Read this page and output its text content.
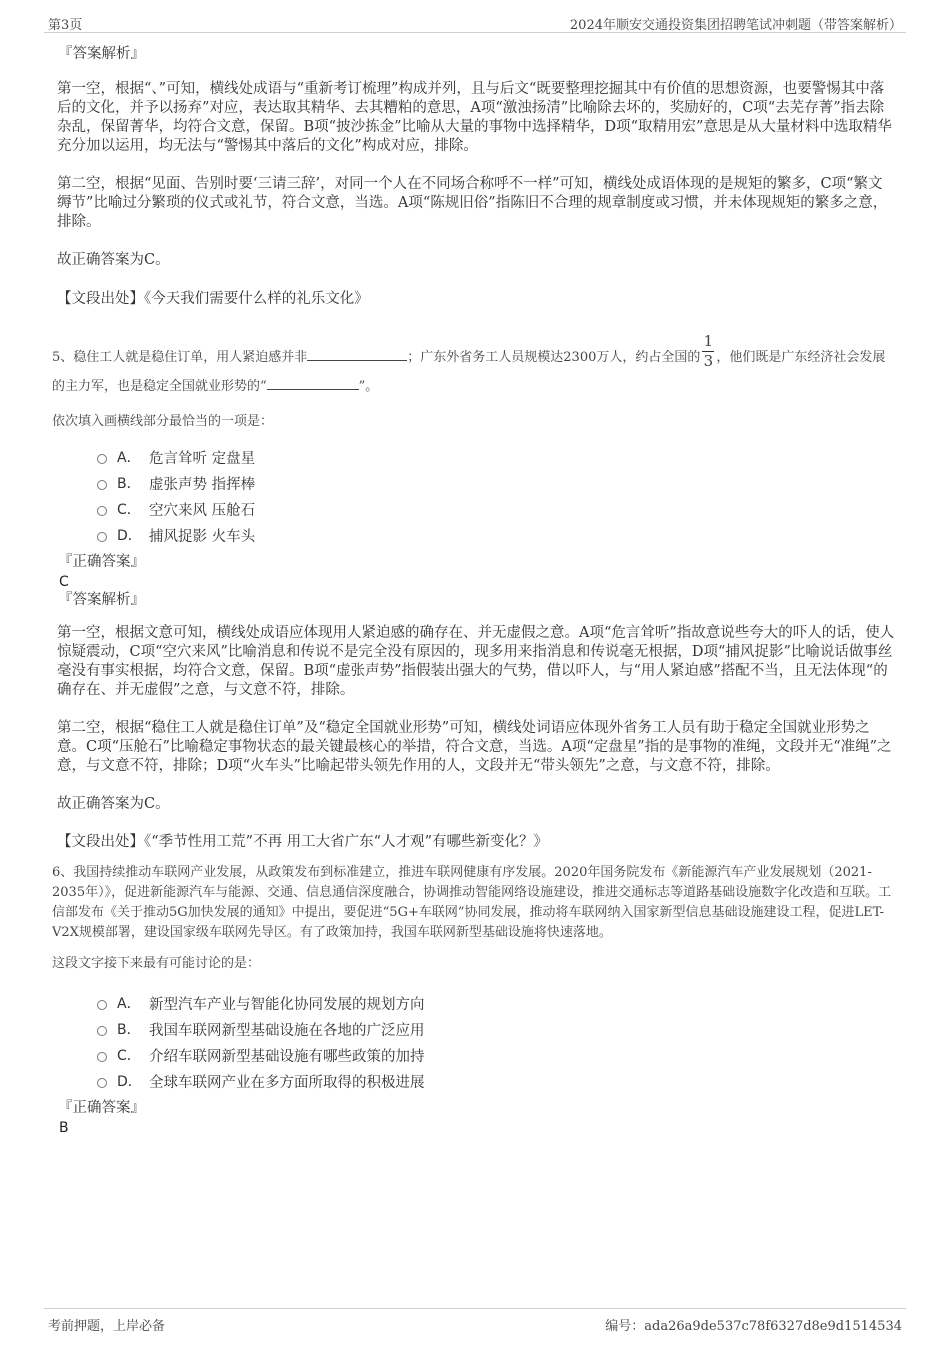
第3页	2024年顺安交通投资集团招聘笔试冲刺题（带答案解析）

『答案解析』

第一空，根据“、”可知，横线处成语与“重新考订梳理”构成并列，且与后文“既要整理挖掘其中有价值的思想资源，也要警惕其中落后的文化，并予以扬弃”对应，表达取其精华、去其糟粕的意思，A项“激浊扬清”比喻除去坏的，奖励好的，C项“去芜存菁”指去除杂乱，保留菁华，均符合文意，保留。B项“披沙拣金”比喻从大量的事物中选择精华，D项“取精用宏”意思是从大量材料中选取精华充分加以运用，均无法与“警惕其中落后的文化”构成对应，排除。

第二空，根据“见面、告别时要‘三请三辞’，对同一个人在不同场合称呼不一样”可知，横线处成语体现的是规矩的繁多，C项“繁文缛节”比喻过分繁琐的仪式或礼节，符合文意，当选。A项“陈规旧俗”指陈旧不合理的规章制度或习惯，并未体现规矩的繁多之意，排除。

故正确答案为C。

【文段出处】《今天我们需要什么样的礼乐文化》

5、稳住工人就是稳住订单，用人紧迫感并非	；广东外省务工人员规模达2300万人，约占全国的 $\frac{1}{3}$ ，他们既是广东经济社会发展的主力军，也是稳定全国就业形势的“	”。

依次填入画横线部分最恰当的一项是：

A． 危言耸听 定盘星
B． 虚张声势 指挥棒
C． 空穴来风 压舱石
D． 捕风捉影 火车头

『正确答案』

C

『答案解析』

第一空，根据文意可知，横线处成语应体现用人紧迫感的确存在、并无虚假之意。A项“危言耸听”指故意说些夸大的吓人的话，使人惊疑震动，C项“空穴来风”比喻消息和传说不是完全没有原因的，现多用来指消息和传说毫无根据，D项“捕风捉影”比喻说话做事丝毫没有事实根据，均符合文意，保留。B项“虚张声势”指假装出强大的气势，借以吓人，与“用人紧迫感”搭配不当，且无法体现“的确存在、并无虚假”之意，与文意不符，排除。

第二空，根据“稳住工人就是稳住订单”及“稳定全国就业形势”可知，横线处词语应体现外省务工人员有助于稳定全国就业形势之意。C项“压舱石”比喻稳定事物状态的最关键最核心的举措，符合文意，当选。A项“定盘星”指的是事物的准绳，文段并无“准绳”之意，与文意不符，排除；D项“火车头”比喻起带头领先作用的人，文段并无“带头领先”之意，与文意不符，排除。

故正确答案为C。

【文段出处】《“季节性用工荒”不再 用工大省广东“人才观”有哪些新变化？》

6、我国持续推动车联网产业发展，从政策发布到标准建立，推进车联网健康有序发展。2020年国务院发布《新能源汽车产业发展规划（2021-2035年）》，促进新能源汽车与能源、交通、信息通信深度融合，协调推动智能网络设施建设，推进交通标志等道路基础设施数字化改造和互联。工信部发布《关于推动5G加快发展的通知》中提出，要促进“5G+车联网”协同发展，推动将车联网纳入国家新型信息基础设施建设工程，促进LET-V2X规模部署，建设国家级车联网先导区。有了政策加持，我国车联网新型基础设施将快速落地。

这段文字接下来最有可能讨论的是：

A． 新型汽车产业与智能化协同发展的规划方向
B． 我国车联网新型基础设施在各地的广泛应用
C． 介绍车联网新型基础设施有哪些政策的加持
D． 全球车联网产业在多方面所取得的积极进展

『正确答案』

B

考前押题，上岸必备	编号：ada26a9de537c78f6327d8e9d1514534
